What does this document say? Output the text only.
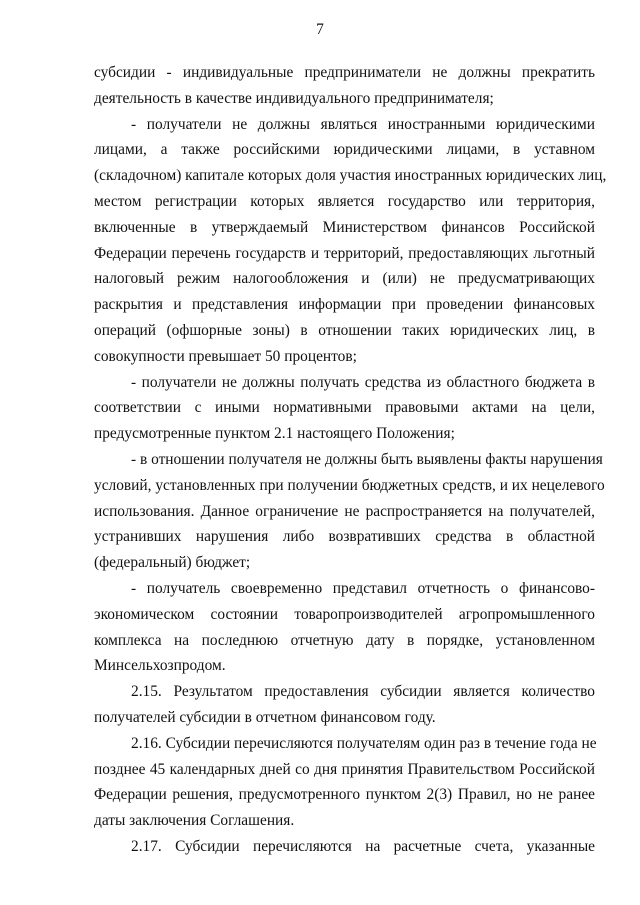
7
субсидии - индивидуальные предприниматели не должны прекратить
деятельность в качестве индивидуального предпринимателя;
- получатели не должны являться иностранными юридическими
лицами, а также российскими юридическими лицами, в уставном
(складочном) капитале которых доля участия иностранных юридических лиц,
местом регистрации которых является государство или территория,
включенные в утверждаемый Министерством финансов Российской
Федерации перечень государств и территорий, предоставляющих льготный
налоговый режим налогообложения и (или) не предусматривающих
раскрытия и представления информации при проведении финансовых
операций (офшорные зоны) в отношении таких юридических лиц, в
совокупности превышает 50 процентов;
- получатели не должны получать средства из областного бюджета в
соответствии с иными нормативными правовыми актами на цели,
предусмотренные пунктом 2.1 настоящего Положения;
- в отношении получателя не должны быть выявлены факты нарушения
условий, установленных при получении бюджетных средств, и их нецелевого
использования. Данное ограничение не распространяется на получателей,
устранивших нарушения либо возвративших средства в областной
(федеральный) бюджет;
- получатель своевременно представил отчетность о финансово-
экономическом состоянии товаропроизводителей агропромышленного
комплекса на последнюю отчетную дату в порядке, установленном
Минсельхозпродом.
2.15. Результатом предоставления субсидии является количество
получателей субсидии в отчетном финансовом году.
2.16. Субсидии перечисляются получателям один раз в течение года не
позднее 45 календарных дней со дня принятия Правительством Российской
Федерации решения, предусмотренного пунктом 2(3) Правил, но не ранее
даты заключения Соглашения.
2.17. Субсидии перечисляются на расчетные счета, указанные
